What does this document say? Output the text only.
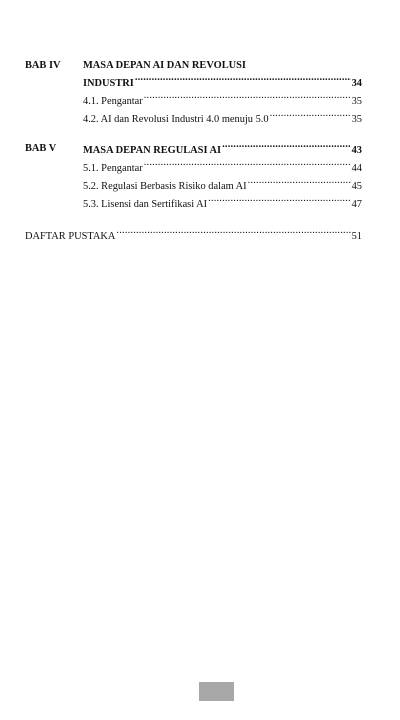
BAB IV	MASA DEPAN AI DAN REVOLUSI
INDUSTRI .....	34
4.1. Pengantar .....	35
4.2. AI dan Revolusi Industri 4.0 menuju 5.0 .....	35
BAB V	MASA DEPAN REGULASI AI .....	43
5.1. Pengantar .....	44
5.2. Regulasi Berbasis Risiko dalam AI .....	45
5.3. Lisensi dan Sertifikasi AI .....	47
DAFTAR PUSTAKA .....	51
